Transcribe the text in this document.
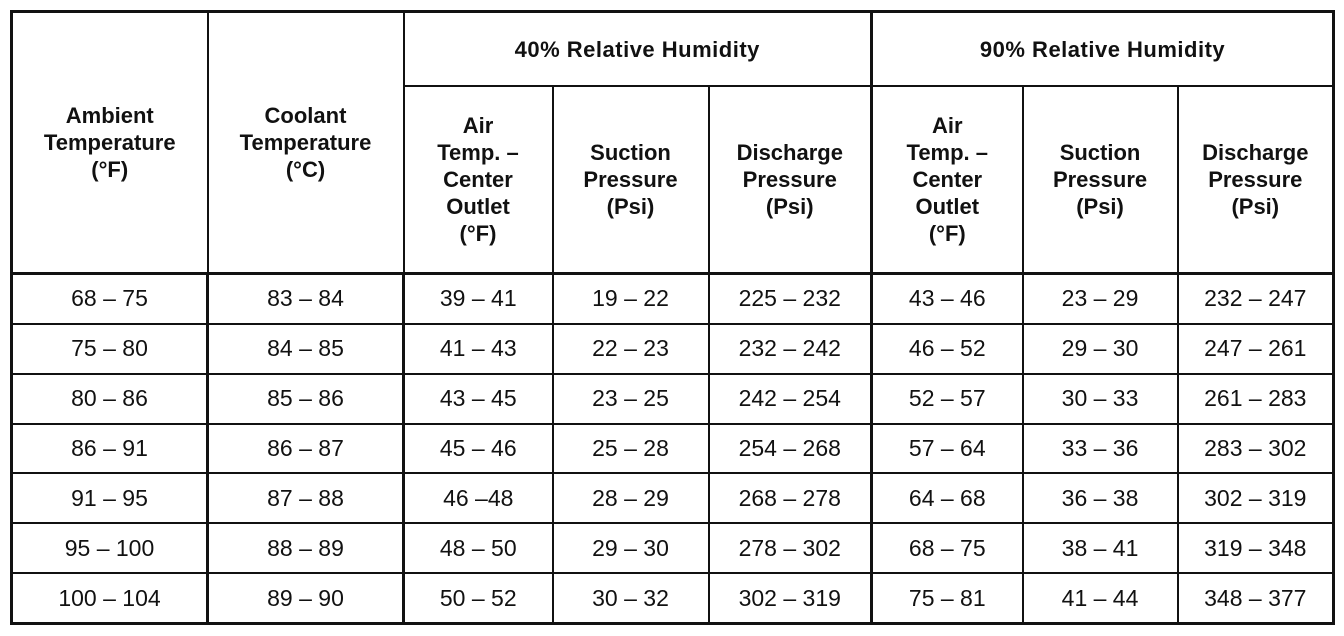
Ambient
Temperature
(°F)	Coolant
Temperature
(°C)	40% Relative Humidity			90% Relative Humidity		

		Air
Temp. –
Center
Outlet
(°F)	Suction
Pressure
(Psi)	Discharge
Pressure
(Psi)	Air
Temp. –
Center
Outlet
(°F)	Suction
Pressure
(Psi)	Discharge
Pressure
(Psi)

68 – 75	83 – 84	39 – 41	19 – 22	225 – 232	43 – 46	23 – 29	232 – 247
75 – 80	84 – 85	41 – 43	22 – 23	232 – 242	46 – 52	29 – 30	247 – 261
80 – 86	85 – 86	43 – 45	23 – 25	242 – 254	52 – 57	30 – 33	261 – 283
86 – 91	86 – 87	45 – 46	25 – 28	254 – 268	57 – 64	33 – 36	283 – 302
91 – 95	87 – 88	46 –48	28 – 29	268 – 278	64 – 68	36 – 38	302 – 319
95 – 100	88 – 89	48 – 50	29 – 30	278 – 302	68 – 75	38 – 41	319 – 348
100 – 104	89 – 90	50 – 52	30 – 32	302 – 319	75 – 81	41 – 44	348 – 377
